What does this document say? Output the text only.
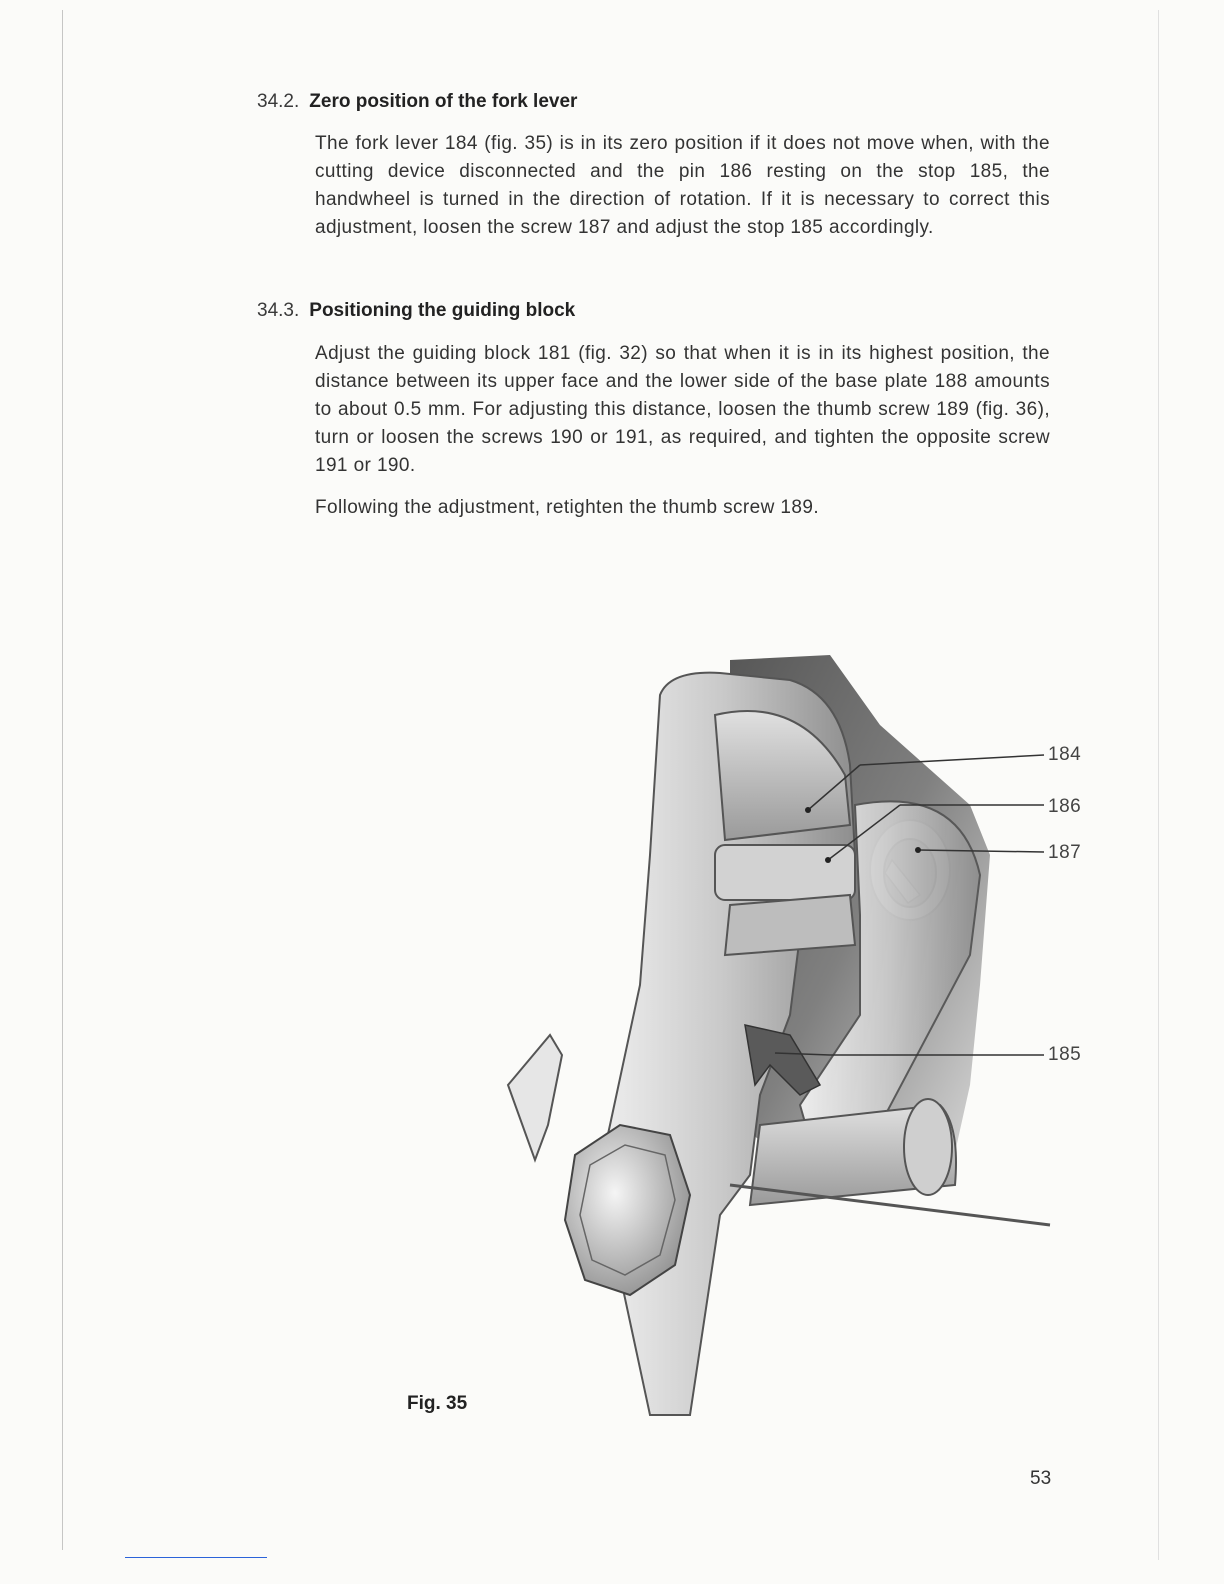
34.2. Zero position of the fork lever

The fork lever 184 (fig. 35) is in its zero position if it does not move when, with the cutting device disconnected and the pin 186 resting on the stop 185, the handwheel is turned in the direction of rotation. If it is necessary to correct this adjustment, loosen the screw 187 and adjust the stop 185 accordingly.

34.3. Positioning the guiding block

Adjust the guiding block 181 (fig. 32) so that when it is in its highest position, the distance between its upper face and the lower side of the base plate 188 amounts to about 0.5 mm. For adjusting this distance, loosen the thumb screw 189 (fig. 36), turn or loosen the screws 190 or 191, as required, and tighten the opposite screw 191 or 190.

Following the adjustment, retighten the thumb screw 189.

184
186
187
185
Fig. 35
53
